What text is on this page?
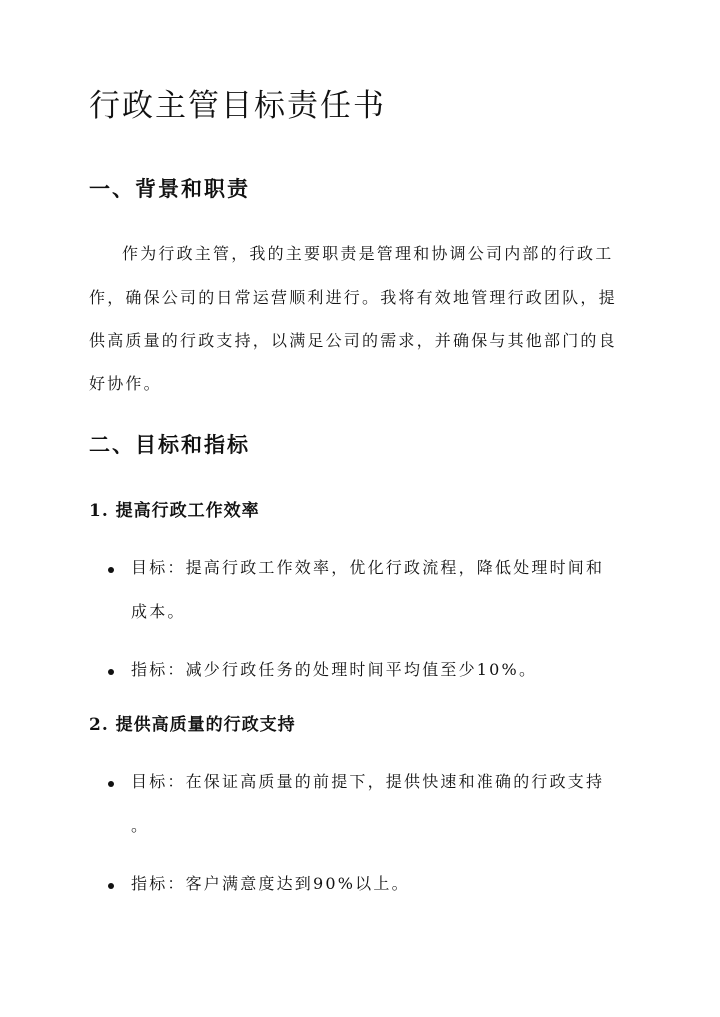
行政主管目标责任书
一、背景和职责

作为行政主管，我的主要职责是管理和协调公司内部的行政工

作，确保公司的日常运营顺利进行。我将有效地管理行政团队，提

供高质量的行政支持，以满足公司的需求，并确保与其他部门的良

好协作。

二、目标和指标
1. 提高行政工作效率

目标：提高行政工作效率，优化行政流程，降低处理时间和

成本。

指标：减少行政任务的处理时间平均值至少10%。

2. 提供高质量的行政支持

目标：在保证高质量的前提下，提供快速和准确的行政支持

。

指标：客户满意度达到90%以上。
